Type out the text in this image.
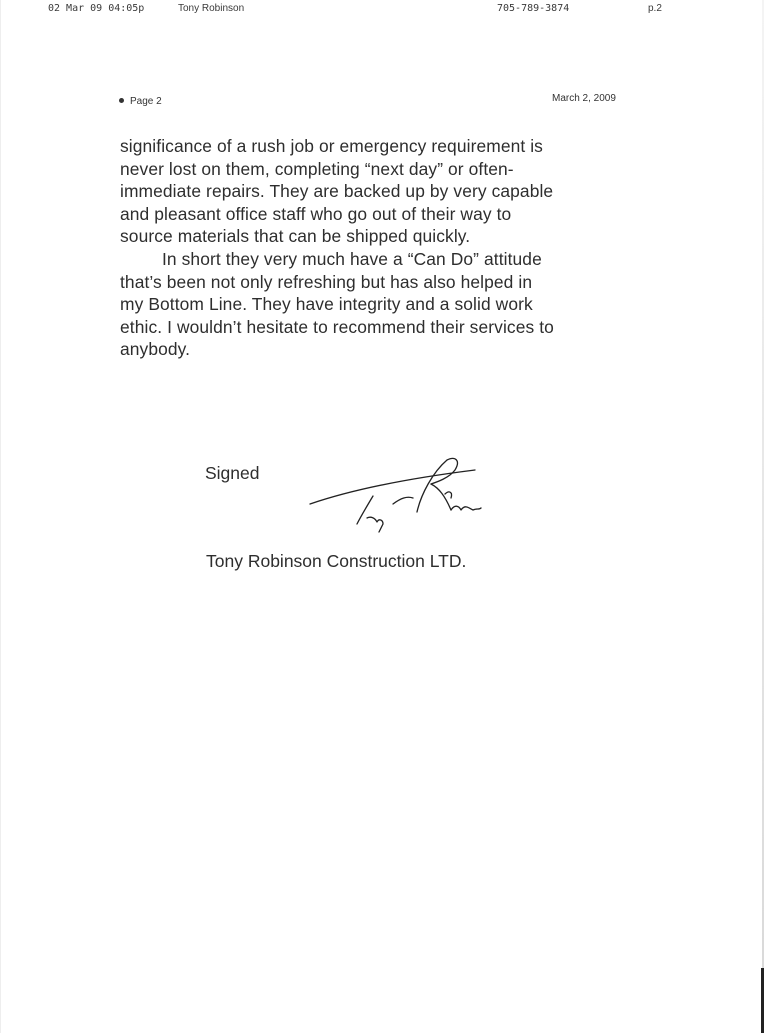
02 Mar 09 04:05p	Tony Robinson	705-789-3874	p.2
Page 2	March 2, 2009
significance of a rush job or emergency requirement is
never lost on them, completing “next day” or often-
immediate repairs. They are backed up by very capable
and pleasant office staff who go out of their way to
source materials that can be shipped quickly.
In short they very much have a “Can Do” attitude
that’s been not only refreshing but has also helped in
my Bottom Line. They have integrity and a solid work
ethic. I wouldn’t hesitate to recommend their services to
anybody.
Signed
Tony Robinson Construction LTD.
